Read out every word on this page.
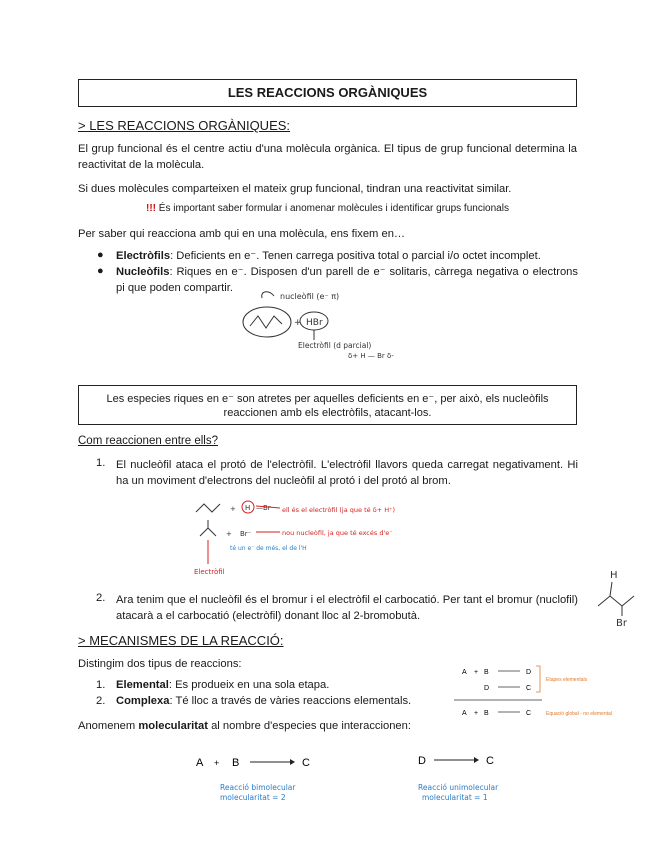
LES REACCIONS ORGÀNIQUES
> LES REACCIONS ORGÀNIQUES:
El grup funcional és el centre actiu d'una molècula orgànica. El tipus de grup funcional determina la reactivitat de la molècula.
Si dues molècules comparteixen el mateix grup funcional, tindran una reactivitat similar.
!!! És important saber formular i anomenar molècules i identificar grups funcionals
Per saber qui reacciona amb qui en una molècula, ens fixem en…
●	Electròfils: Deficients en e⁻. Tenen carrega positiva total o parcial i/o octet incomplet.
●	Nucleòfils: Riques en e⁻. Disposen d'un parell de e⁻ solitaris, càrrega negativa o electrons pi que poden compartir.
nucleòfil (e⁻ π)
+ HBr
Electròfil (d parcial)
δ+ H — Br δ-
Les especies riques en e⁻ son atretes per aquelles deficients en e⁻, per això, els nucleòfils
reaccionen amb els electròfils, atacant-los.
Com reaccionen entre ells?
1. El nucleòfil ataca el protó de l'electròfil. L'electròfil llavors queda carregat negativament. Hi ha un moviment d'electrons del nucleòfil al protó i del protó al brom.
+ H —Br ell és el electròfil (ja que té δ+ H⁺)
+ Br⁻	nou nucleòfil, ja que té excés d'e⁻
té un e⁻ de més, el de l'H
Electròfil
2. Ara tenim que el nucleòfil és el bromur i el electròfil el carbocatió. Per tant el bromur (nuclofil) atacarà a el carbocatió (electròfil) donant lloc al 2-bromobutà.
H
Br
> MECANISMES DE LA REACCIÓ:
Distingim dos tipus de reaccions:
1. Elemental: Es produeix en una sola etapa.
2. Complexa: Té lloc a través de vàries reaccions elementals.
Anomenem molecularitat al nombre d'especies que interaccionen:
A + B	D
D	C
Etapes elementals
A + B	C	Equació global - no elemental
A + B	C
Reacció bimolecular
molecularitat = 2
D	C
Reacció unimolecular
molecularitat = 1
